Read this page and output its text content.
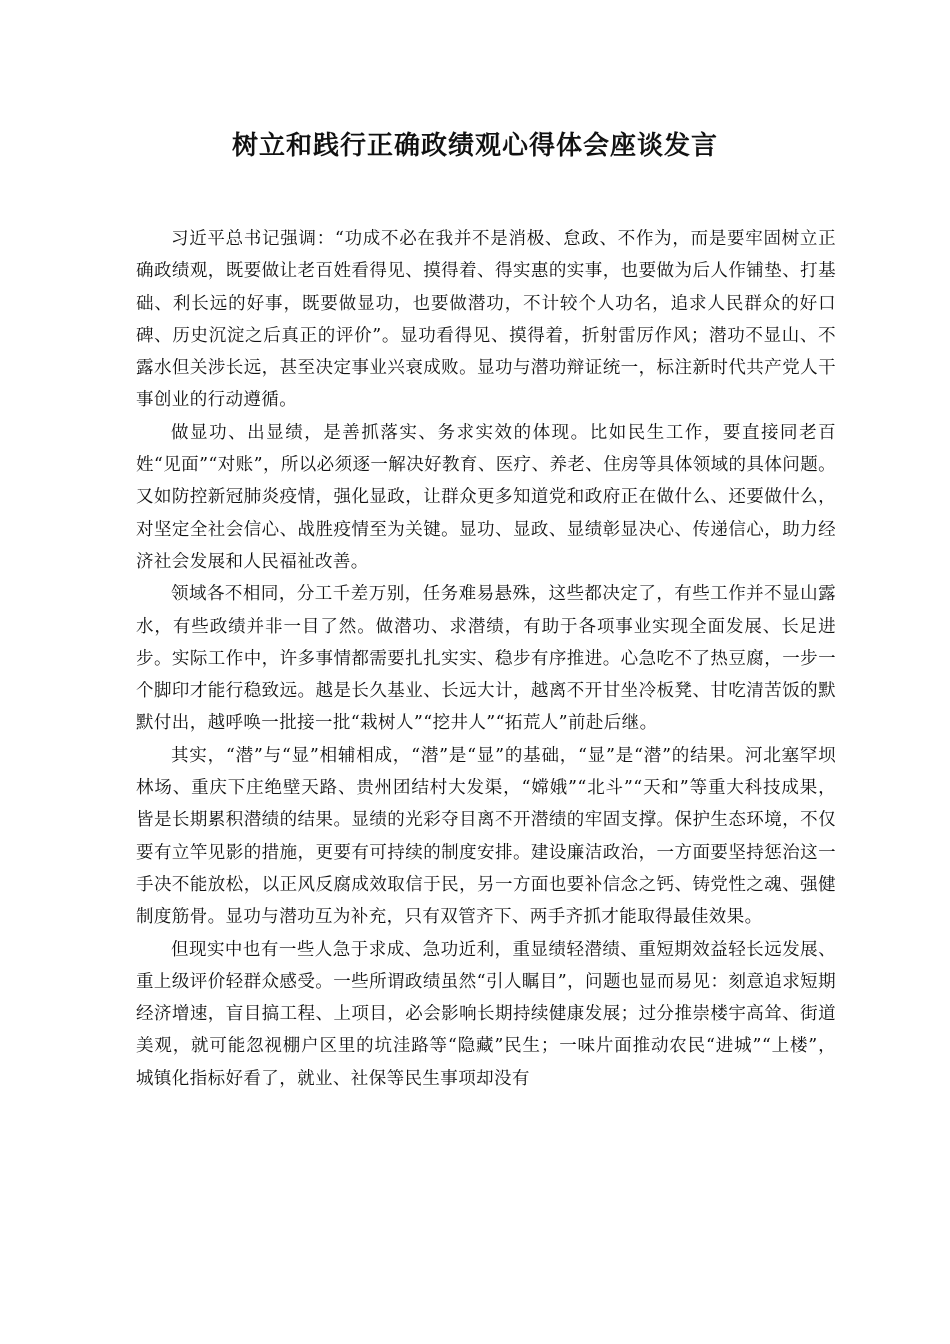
树立和践行正确政绩观心得体会座谈发言

习近平总书记强调：“功成不必在我并不是消极、怠政、不作为，而是要牢固树立正确政绩观，既要做让老百姓看得见、摸得着、得实惠的实事，也要做为后人作铺垫、打基础、利长远的好事，既要做显功，也要做潜功，不计较个人功名，追求人民群众的好口碑、历史沉淀之后真正的评价”。显功看得见、摸得着，折射雷厉作风；潜功不显山、不露水但关涉长远，甚至决定事业兴衰成败。显功与潜功辩证统一，标注新时代共产党人干事创业的行动遵循。

做显功、出显绩，是善抓落实、务求实效的体现。比如民生工作，要直接同老百姓“见面”“对账”，所以必须逐一解决好教育、医疗、养老、住房等具体领域的具体问题。又如防控新冠肺炎疫情，强化显政，让群众更多知道党和政府正在做什么、还要做什么，对坚定全社会信心、战胜疫情至为关键。显功、显政、显绩彰显决心、传递信心，助力经济社会发展和人民福祉改善。

领域各不相同，分工千差万别，任务难易悬殊，这些都决定了，有些工作并不显山露水，有些政绩并非一目了然。做潜功、求潜绩，有助于各项事业实现全面发展、长足进步。实际工作中，许多事情都需要扎扎实实、稳步有序推进。心急吃不了热豆腐，一步一个脚印才能行稳致远。越是长久基业、长远大计，越离不开甘坐冷板凳、甘吃清苦饭的默默付出，越呼唤一批接一批“栽树人”“挖井人”“拓荒人”前赴后继。

其实，“潜”与“显”相辅相成，“潜”是“显”的基础，“显”是“潜”的结果。河北塞罕坝林场、重庆下庄绝壁天路、贵州团结村大发渠，“嫦娥”“北斗”“天和”等重大科技成果，皆是长期累积潜绩的结果。显绩的光彩夺目离不开潜绩的牢固支撑。保护生态环境，不仅要有立竿见影的措施，更要有可持续的制度安排。建设廉洁政治，一方面要坚持惩治这一手决不能放松，以正风反腐成效取信于民，另一方面也要补信念之钙、铸党性之魂、强健制度筋骨。显功与潜功互为补充，只有双管齐下、两手齐抓才能取得最佳效果。

但现实中也有一些人急于求成、急功近利，重显绩轻潜绩、重短期效益轻长远发展、重上级评价轻群众感受。一些所谓政绩虽然“引人瞩目”，问题也显而易见：刻意追求短期经济增速，盲目搞工程、上项目，必会影响长期持续健康发展；过分推崇楼宇高耸、街道美观，就可能忽视棚户区里的坑洼路等“隐藏”民生；一味片面推动农民“进城”“上楼”，城镇化指标好看了，就业、社保等民生事项却没有
